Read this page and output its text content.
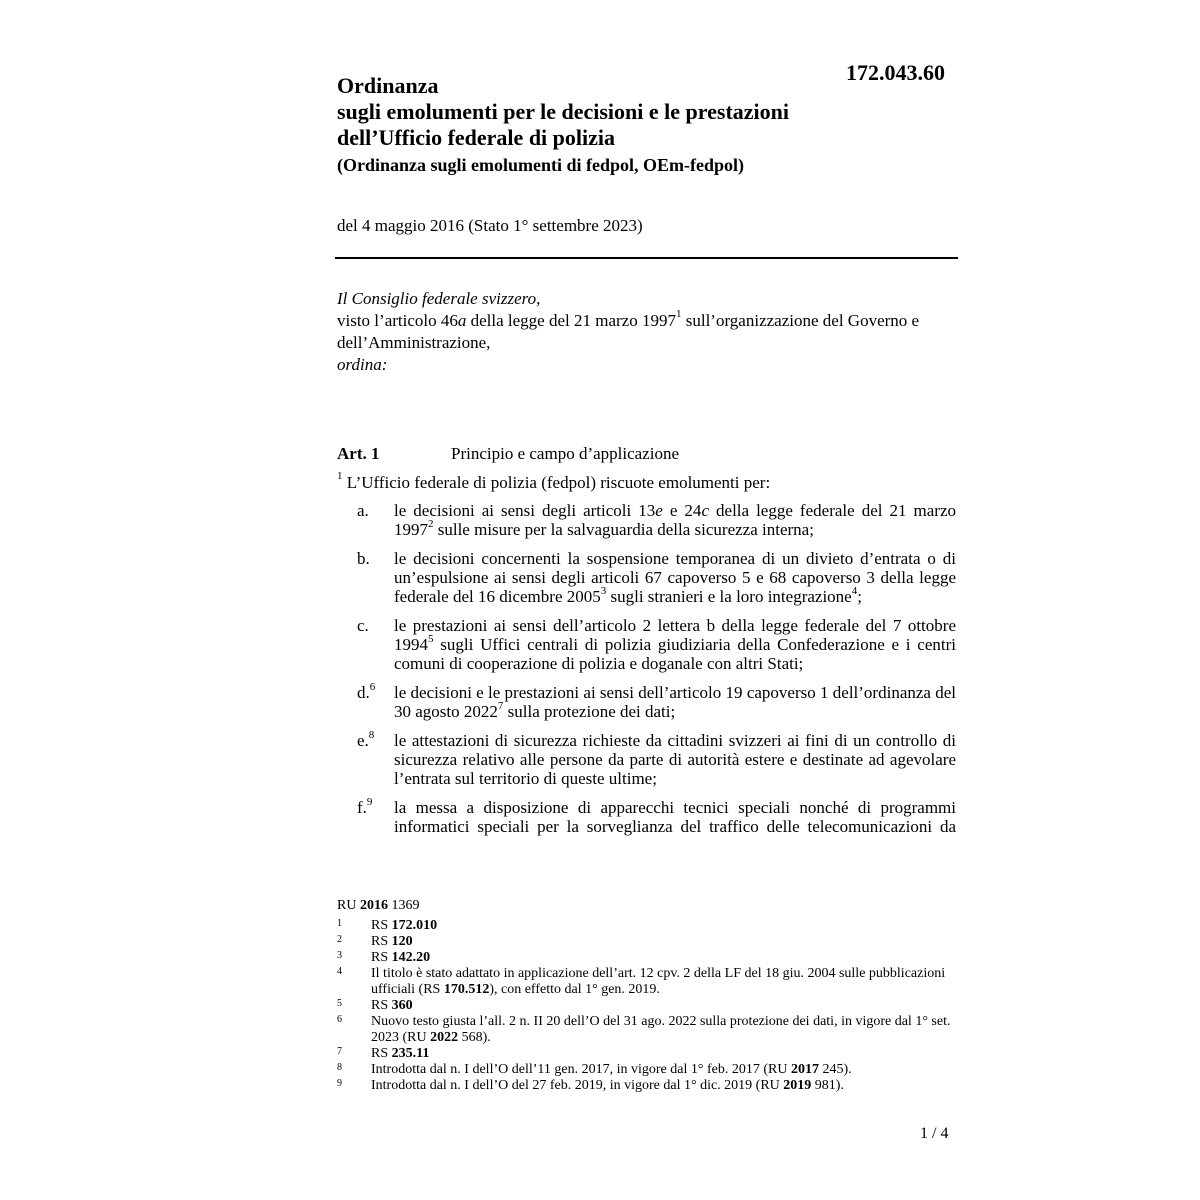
172.043.60
Ordinanza
sugli emolumenti per le decisioni e le prestazioni
dell’Ufficio federale di polizia
(Ordinanza sugli emolumenti di fedpol, OEm-fedpol)
del 4 maggio 2016 (Stato 1° settembre 2023)
Il Consiglio federale svizzero,
visto l’articolo 46a della legge del 21 marzo 1997$^1$ sull’organizzazione del Governo e dell’Amministrazione,
ordina:
Art. 1	Principio e campo d’applicazione
$^1$ L’Ufficio federale di polizia (fedpol) riscuote emolumenti per:
a.	le decisioni ai sensi degli articoli 13e e 24c della legge federale del 21 marzo 1997$^2$ sulle misure per la salvaguardia della sicurezza interna;
b.	le decisioni concernenti la sospensione temporanea di un divieto d’entrata o di un’espulsione ai sensi degli articoli 67 capoverso 5 e 68 capoverso 3 della legge federale del 16 dicembre 2005$^3$ sugli stranieri e la loro integrazione$^4$;
c.	le prestazioni ai sensi dell’articolo 2 lettera b della legge federale del 7 ottobre 1994$^5$ sugli Uffici centrali di polizia giudiziaria della Confederazione e i centri comuni di cooperazione di polizia e doganale con altri Stati;
d.$^6$	le decisioni e le prestazioni ai sensi dell’articolo 19 capoverso 1 dell’ordinanza del 30 agosto 2022$^7$ sulla protezione dei dati;
e.$^8$	le attestazioni di sicurezza richieste da cittadini svizzeri ai fini di un controllo di sicurezza relativo alle persone da parte di autorità estere e destinate ad agevolare l’entrata sul territorio di queste ultime;
f.$^9$	la messa a disposizione di apparecchi tecnici speciali nonché di programmi informatici speciali per la sorveglianza del traffico delle telecomunicazioni da
RU 2016 1369
1	RS 172.010
2	RS 120
3	RS 142.20
4	Il titolo è stato adattato in applicazione dell’art. 12 cpv. 2 della LF del 18 giu. 2004 sulle pubblicazioni ufficiali (RS 170.512), con effetto dal 1° gen. 2019.
5	RS 360
6	Nuovo testo giusta l’all. 2 n. II 20 dell’O del 31 ago. 2022 sulla protezione dei dati, in vigore dal 1° set. 2023 (RU 2022 568).
7	RS 235.11
8	Introdotta dal n. I dell’O dell’11 gen. 2017, in vigore dal 1° feb. 2017 (RU 2017 245).
9	Introdotta dal n. I dell’O del 27 feb. 2019, in vigore dal 1° dic. 2019 (RU 2019 981).
1 / 4
